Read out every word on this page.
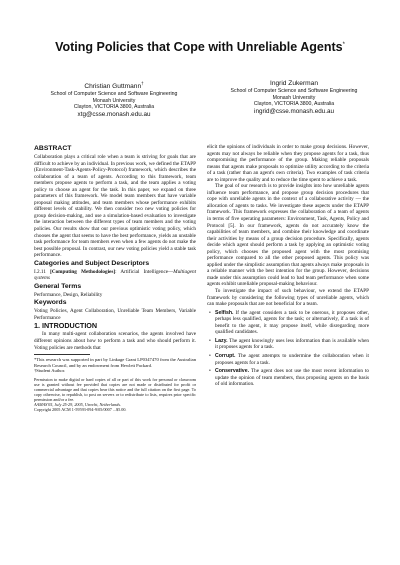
Voting Policies that Cope with Unreliable Agents*
Christian Guttmann†
School of Computer Science and Software Engineering
Monash University
Clayton, VICTORIA 3800, Australia
xtg@csse.monash.edu.au
Ingrid Zukerman
School of Computer Science and Software Engineering
Monash University
Clayton, VICTORIA 3800, Australia
ingrid@csse.monash.edu.au
ABSTRACT

Collaboration plays a critical role when a team is striving for goals that are difficult to achieve by an individual. In previous work, we defined the ETAPP (Environment-Task-Agents-Policy-Protocol) framework, which describes the collaboration of a team of agents. According to this framework, team members propose agents to perform a task, and the team applies a voting policy to choose an agent for the task. In this paper, we expand on three parameters of this framework. We model team members that have variable proposal making attitudes, and team members whose performance exhibits different levels of stability. We then consider two new voting policies for group decision-making, and use a simulation-based evaluation to investigate the interaction between the different types of team members and the voting policies. Our results show that our previous optimistic voting policy, which chooses the agent that seems to have the best performance, yields an unstable task performance for team members even when a few agents do not make the best possible proposal. In contrast, our new voting policies yield a stable task performance.

Categories and Subject Descriptors

I.2.11 [Computing Methodologies]: Artificial Intelligence—Multiagent systems

General Terms

Performance, Design, Reliability

Keywords

Voting Policies, Agent Collaboration, Unreliable Team Members, Variable Performance

1. INTRODUCTION

In many multi-agent collaboration scenarios, the agents involved have different opinions about how to perform a task and who should perform it. Voting policies are methods that

*This research was supported in part by Linkage Grant LP0347470 from the Australian Research Council, and by an endowment from Hewlett Packard.

†Student Author.

Permission to make digital or hard copies of all or part of this work for personal or classroom use is granted without fee provided that copies are not made or distributed for profit or commercial advantage and that copies bear this notice and the full citation on the first page. To copy otherwise, to republish, to post on servers or to redistribute to lists, requires prior specific permission and/or a fee.

AAMAS'05, July 25-29, 2005, Utrecht, Netherlands.

Copyright 2005 ACM 1-59593-094-9/05/0007 ...$5.00.

elicit the opinions of individuals in order to make group decisions. However, agents may not always be reliable when they propose agents for a task, thus compromising the performance of the group. Making reliable proposals means that agents make proposals to optimize utility according to the criteria of a task (rather than an agent's own criteria). Two examples of task criteria are to improve the quality and to reduce the time spent to achieve a task.

The goal of our research is to provide insights into how unreliable agents influence team performance, and propose group decision procedures that cope with unreliable agents in the context of a collaborative activity — the allocation of agents to tasks. We investigate these aspects under the ETAPP framework. This framework expresses the collaboration of a team of agents in terms of five operating parameters: Environment, Task, Agents, Policy and Protocol [5]. In our framework, agents do not accurately know the capabilities of team members, and combine their knowledge and coordinate their activities by means of a group decision procedure. Specifically, agents decide which agent should perform a task by applying an optimistic voting policy, which chooses the proposed agent with the most promising performance compared to all the other proposed agents. This policy was applied under the simplistic assumption that agents always make proposals in a reliable manner with the best intention for the group. However, decisions made under this assumption could lead to bad team performance when some agents exhibit unreliable proposal-making behaviour.

To investigate the impact of such behaviour, we extend the ETAPP framework by considering the following types of unreliable agents, which can make proposals that are not beneficial for a team.

• Selfish. If the agent considers a task to be onerous, it proposes other, perhaps less qualified, agents for the task; or alternatively, if a task is of benefit to the agent, it may propose itself, while disregarding more qualified candidates.
• Lazy. The agent knowingly uses less information than is available when it proposes agents for a task.
• Corrupt. The agent attempts to undermine the collaboration when it proposes agents for a task.
• Conservative. The agent does not use the most recent information to update the opinion of team members, thus proposing agents on the basis of old information.
